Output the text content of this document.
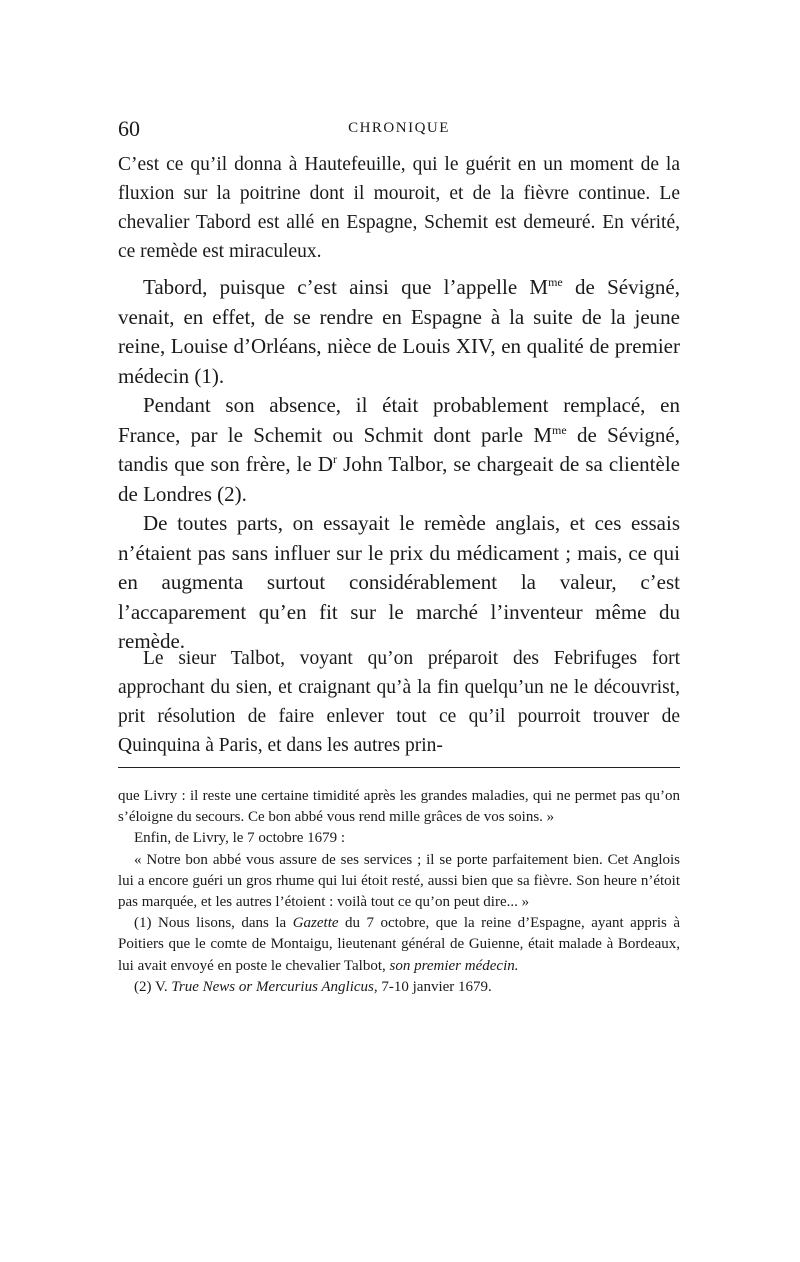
60	CHRONIQUE
C’est ce qu’il donna à Hautefeuille, qui le guérit en un moment de la fluxion sur la poitrine dont il mouroit, et de la fièvre continue. Le chevalier Tabord est allé en Espagne, Schemit est demeuré. En vérité, ce remède est miraculeux.

Tabord, puisque c’est ainsi que l’appelle $M^{me}$ de Sévigné, venait, en effet, de se rendre en Espagne à la suite de la jeune reine, Louise d’Orléans, nièce de Louis XIV, en qualité de premier médecin (1).

Pendant son absence, il était probablement remplacé, en France, par le Schemit ou Schmit dont parle $M^{me}$ de Sévigné, tandis que son frère, le $D^r$ John Talbor, se chargeait de sa clientèle de Londres (2).

De toutes parts, on essayait le remède anglais, et ces essais n’étaient pas sans influer sur le prix du médicament ; mais, ce qui en augmenta surtout considérablement la valeur, c’est l’accaparement qu’en fit sur le marché l’inventeur même du remède.

Le sieur Talbot, voyant qu’on préparoit des Febrifuges fort approchant du sien, et craignant qu’à la fin quelqu’un ne le découvrist, prit résolution de faire enlever tout ce qu’il pourroit trouver de Quinquina à Paris, et dans les autres prin-

que Livry : il reste une certaine timidité après les grandes maladies, qui ne permet pas qu’on s’éloigne du secours. Ce bon abbé vous rend mille grâces de vos soins. »

Enfin, de Livry, le 7 octobre 1679 :

« Notre bon abbé vous assure de ses services ; il se porte parfaitement bien. Cet Anglois lui a encore guéri un gros rhume qui lui étoit resté, aussi bien que sa fièvre. Son heure n’étoit pas marquée, et les autres l’étoient : voilà tout ce qu’on peut dire... »

(1) Nous lisons, dans la Gazette du 7 octobre, que la reine d’Espagne, ayant appris à Poitiers que le comte de Montaigu, lieutenant général de Guienne, était malade à Bordeaux, lui avait envoyé en poste le chevalier Talbot, son premier médecin.

(2) V. True News or Mercurius Anglicus, 7-10 janvier 1679.
